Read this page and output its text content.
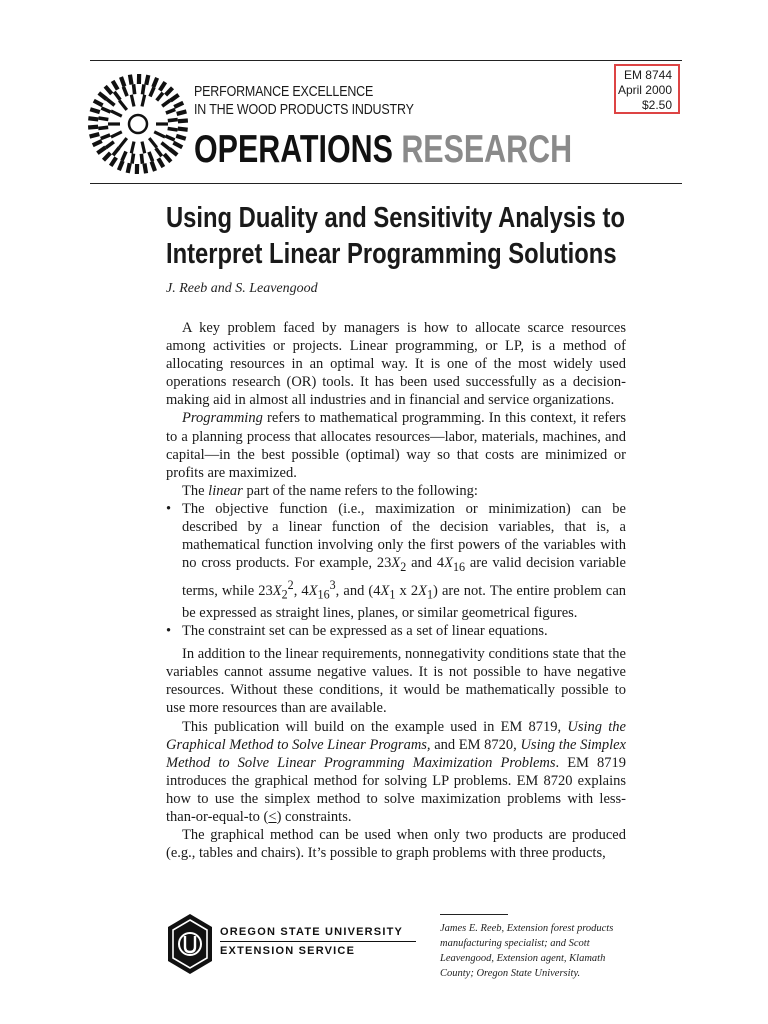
PERFORMANCE EXCELLENCE
IN THE WOOD PRODUCTS INDUSTRY
OPERATIONS RESEARCH
EM 8744
April 2000
$2.50
Using Duality and Sensitivity Analysis to
Interpret Linear Programming Solutions
J. Reeb and S. Leavengood

A key problem faced by managers is how to allocate scarce resources among activities or projects. Linear programming, or LP, is a method of allocating resources in an optimal way. It is one of the most widely used operations research (OR) tools. It has been used successfully as a decision-making aid in almost all industries and in financial and service organizations.

Programming refers to mathematical programming. In this context, it refers to a planning process that allocates resources—labor, materials, machines, and capital—in the best possible (optimal) way so that costs are minimized or profits are maximized.

The linear part of the name refers to the following:

• The objective function (i.e., maximization or minimization) can be described by a linear function of the decision variables, that is, a mathematical function involving only the first powers of the variables with no cross products. For example, $23X_2$ and $4X_{16}$ are valid decision variable terms, while $23X_2^2$, $4X_{16}^3$, and ($4X_1$ x $2X_1$) are not. The entire problem can be expressed as straight lines, planes, or similar geometrical figures.

• The constraint set can be expressed as a set of linear equations.

In addition to the linear requirements, nonnegativity conditions state that the variables cannot assume negative values. It is not possible to have negative resources. Without these conditions, it would be mathematically possible to use more resources than are available.

This publication will build on the example used in EM 8719, Using the Graphical Method to Solve Linear Programs, and EM 8720, Using the Simplex Method to Solve Linear Programming Maximization Problems. EM 8719 introduces the graphical method for solving LP problems. EM 8720 explains how to use the simplex method to solve maximization problems with less-than-or-equal-to (<) constraints.

The graphical method can be used when only two products are produced (e.g., tables and chairs). It’s possible to graph problems with three products,

OREGON STATE UNIVERSITY
EXTENSION SERVICE
James E. Reeb, Extension forest products manufacturing specialist; and Scott Leavengood, Extension agent, Klamath County; Oregon State University.
